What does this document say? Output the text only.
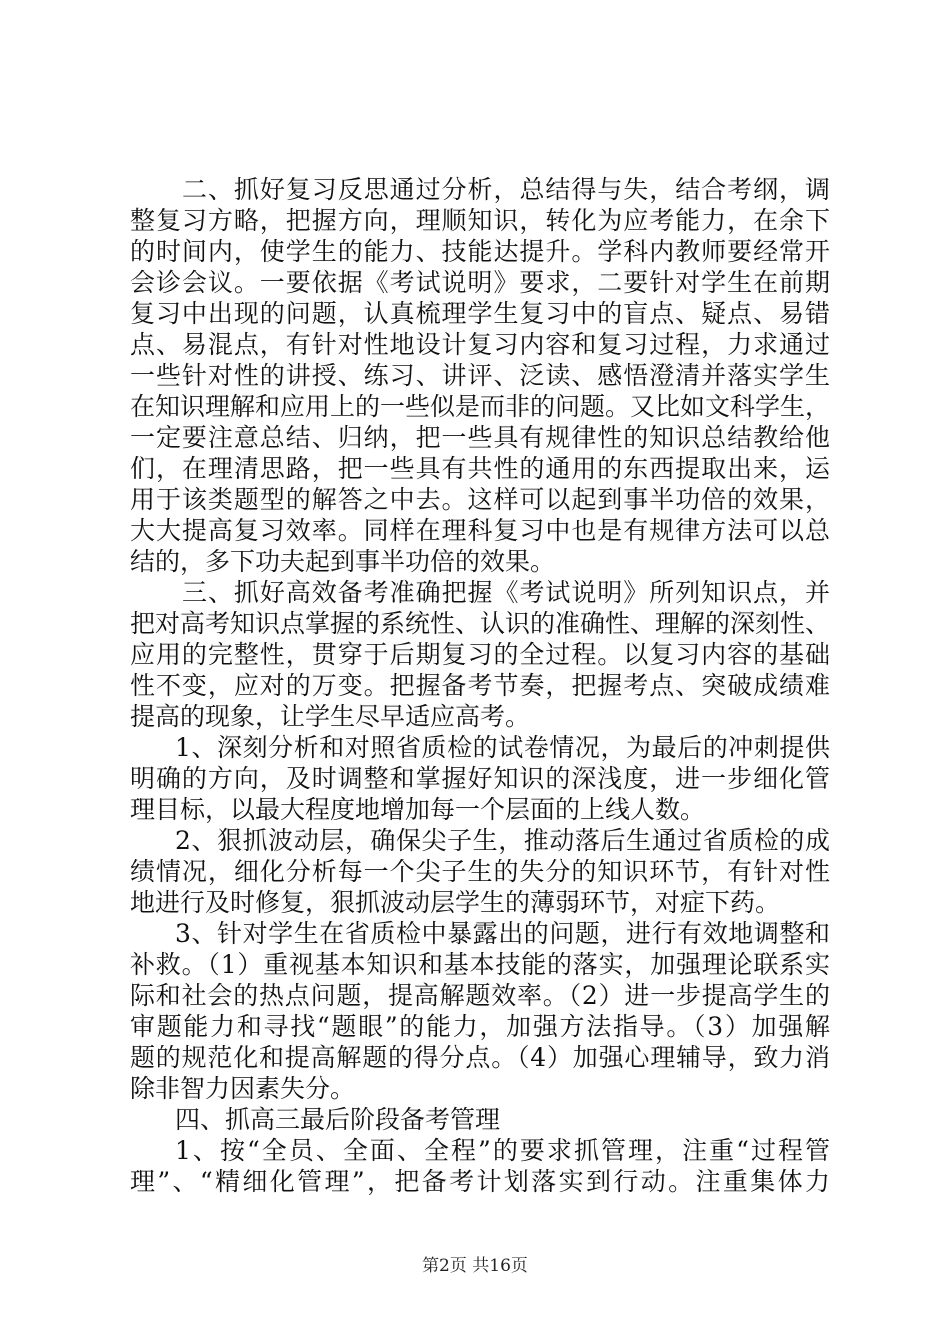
二、抓好复习反思通过分析，总结得与失，结合考纲，调
整复习方略，把握方向，理顺知识，转化为应考能力，在余下
的时间内，使学生的能力、技能达提升。学科内教师要经常开
会诊会议。一要依据《考试说明》要求，二要针对学生在前期
复习中出现的问题，认真梳理学生复习中的盲点、疑点、易错
点、易混点，有针对性地设计复习内容和复习过程，力求通过
一些针对性的讲授、练习、讲评、泛读、感悟澄清并落实学生
在知识理解和应用上的一些似是而非的问题。又比如文科学生，
一定要注意总结、归纳，把一些具有规律性的知识总结教给他
们，在理清思路，把一些具有共性的通用的东西提取出来，运
用于该类题型的解答之中去。这样可以起到事半功倍的效果，
大大提高复习效率。同样在理科复习中也是有规律方法可以总
结的，多下功夫起到事半功倍的效果。
三、抓好高效备考准确把握《考试说明》所列知识点，并
把对高考知识点掌握的系统性、认识的准确性、理解的深刻性、
应用的完整性，贯穿于后期复习的全过程。以复习内容的基础
性不变，应对的万变。把握备考节奏，把握考点、突破成绩难
提高的现象，让学生尽早适应高考。
1、深刻分析和对照省质检的试卷情况，为最后的冲刺提供
明确的方向，及时调整和掌握好知识的深浅度，进一步细化管
理目标，以最大程度地增加每一个层面的上线人数。
2、狠抓波动层，确保尖子生，推动落后生通过省质检的成
绩情况，细化分析每一个尖子生的失分的知识环节，有针对性
地进行及时修复，狠抓波动层学生的薄弱环节，对症下药。
3、针对学生在省质检中暴露出的问题，进行有效地调整和
补救。（1）重视基本知识和基本技能的落实，加强理论联系实
际和社会的热点问题，提高解题效率。（2）进一步提高学生的
审题能力和寻找“题眼”的能力，加强方法指导。（3）加强解
题的规范化和提高解题的得分点。（4）加强心理辅导，致力消
除非智力因素失分。
四、抓高三最后阶段备考管理
1、按“全员、全面、全程”的要求抓管理，注重“过程管
理”、“精细化管理”，把备考计划落实到行动。注重集体力
第2页 共16页
